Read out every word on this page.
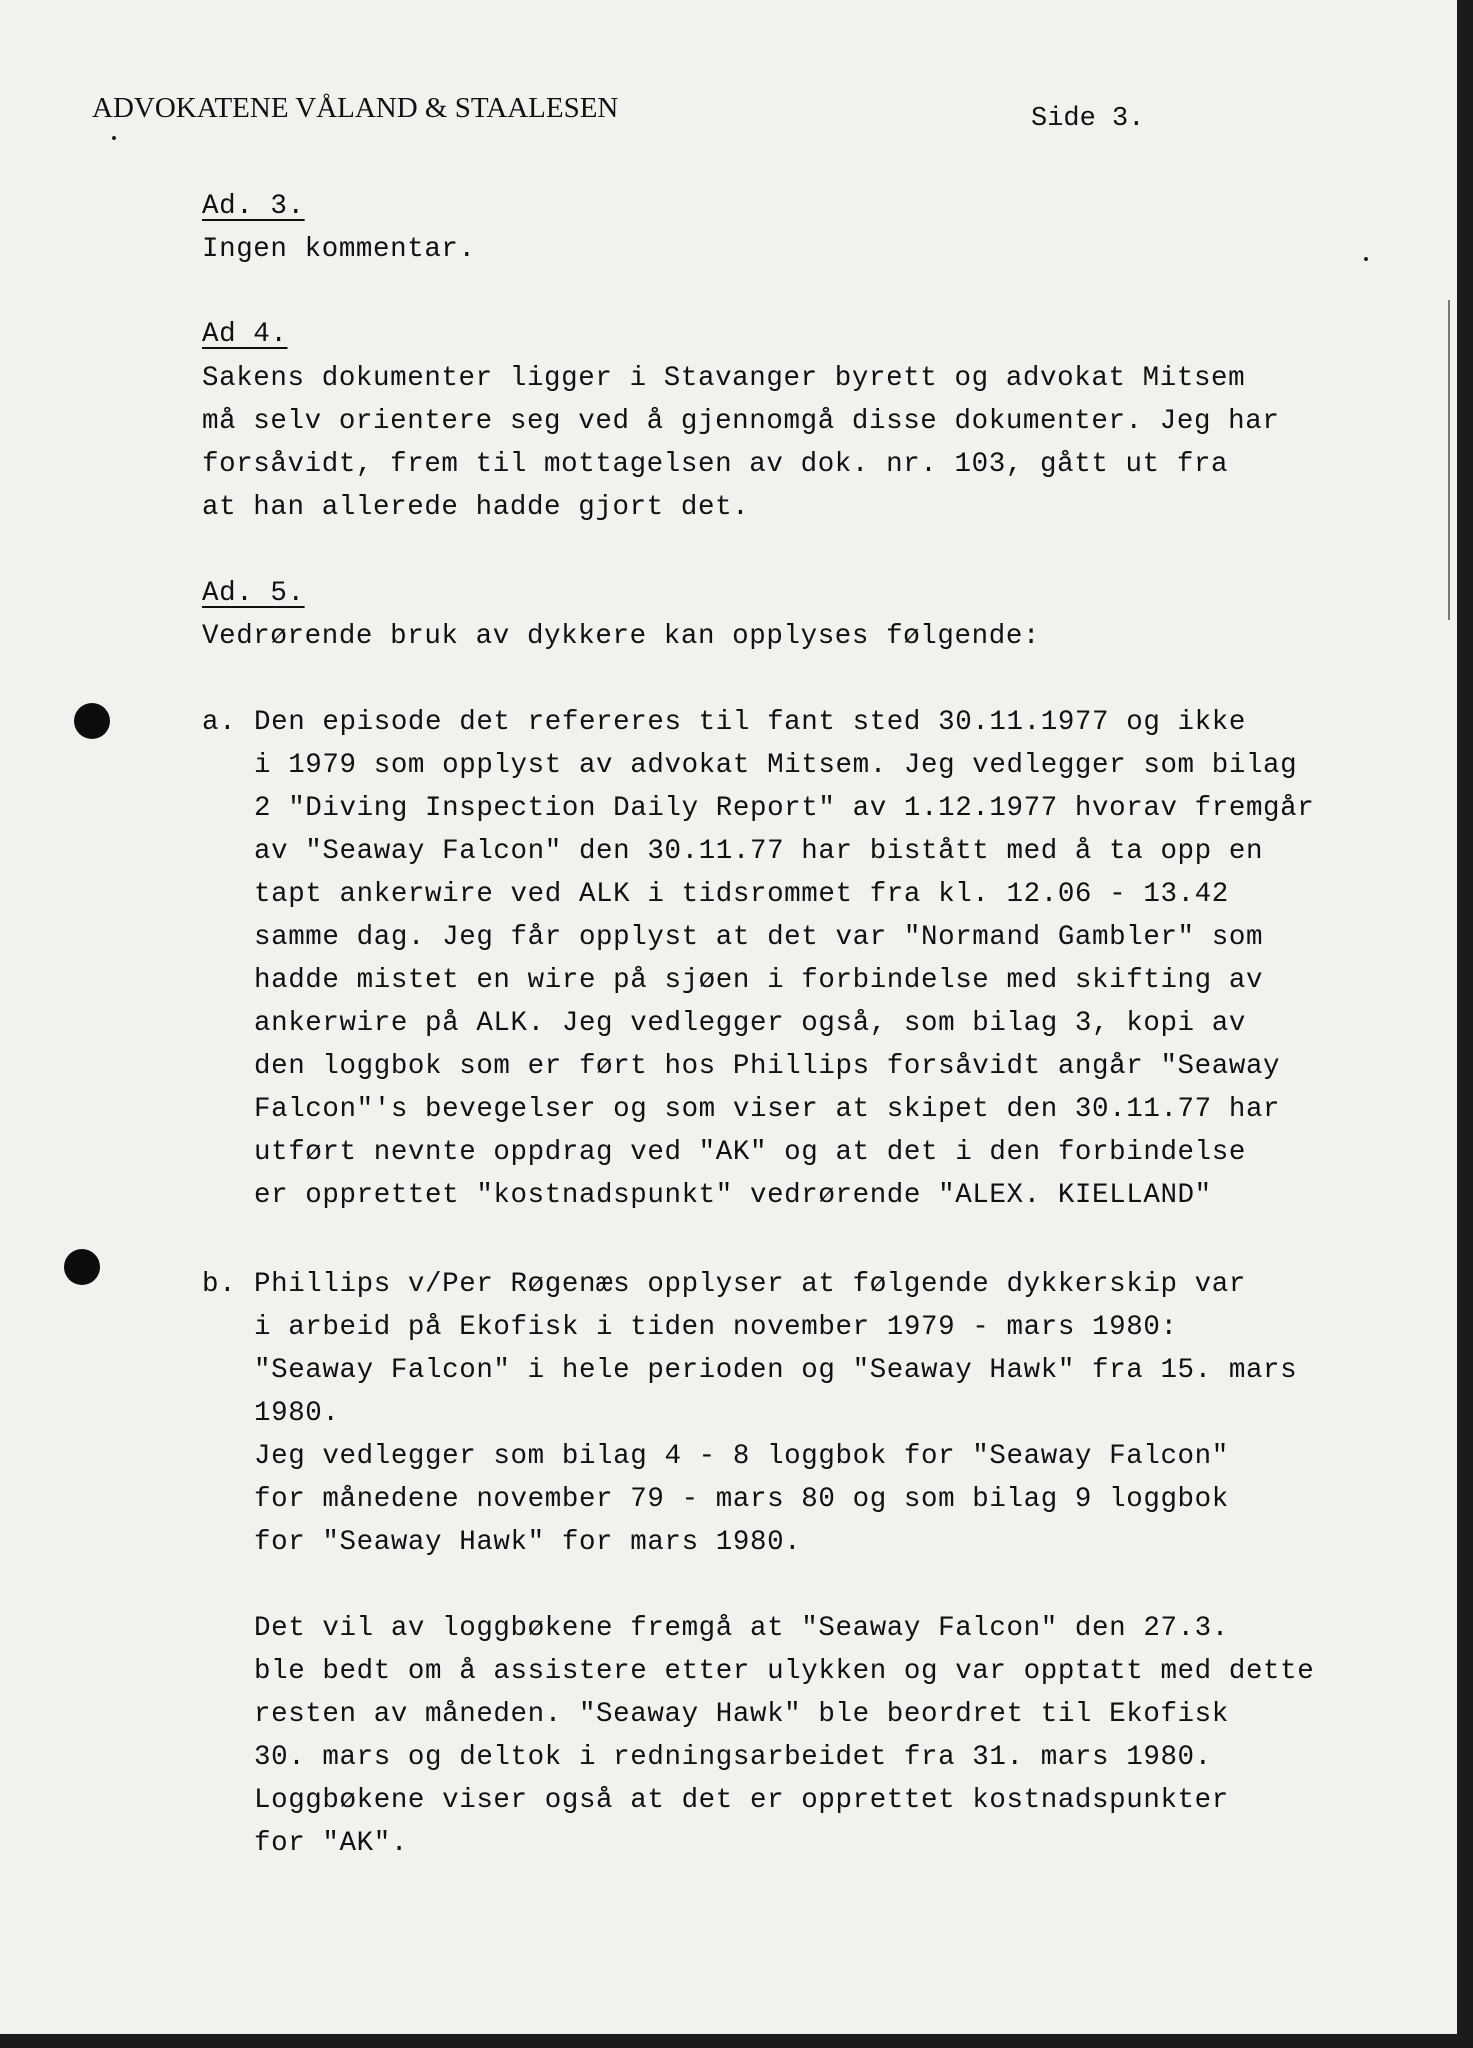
ADVOKATENE VÅLAND & STAALESEN	Side 3.
Ad. 3.
Ingen kommentar.
Ad 4.
Sakens dokumenter ligger i Stavanger byrett og advokat Mitsem
må selv orientere seg ved å gjennomgå disse dokumenter. Jeg har
forsåvidt, frem til mottagelsen av dok. nr. 103, gått ut fra
at han allerede hadde gjort det.
Ad. 5.
Vedrørende bruk av dykkere kan opplyses følgende:
a. Den episode det refereres til fant sted 30.11.1977 og ikke
i 1979 som opplyst av advokat Mitsem. Jeg vedlegger som bilag
2 "Diving Inspection Daily Report" av 1.12.1977 hvorav fremgår
av "Seaway Falcon" den 30.11.77 har bistått med å ta opp en
tapt ankerwire ved ALK i tidsrommet fra kl. 12.06 - 13.42
samme dag. Jeg får opplyst at det var "Normand Gambler" som
hadde mistet en wire på sjøen i forbindelse med skifting av
ankerwire på ALK. Jeg vedlegger også, som bilag 3, kopi av
den loggbok som er ført hos Phillips forsåvidt angår "Seaway
Falcon"'s bevegelser og som viser at skipet den 30.11.77 har
utført nevnte oppdrag ved "AK" og at det i den forbindelse
er opprettet "kostnadspunkt" vedrørende "ALEX. KIELLAND"
b. Phillips v/Per Røgenæs opplyser at følgende dykkerskip var
i arbeid på Ekofisk i tiden november 1979 - mars 1980:
"Seaway Falcon" i hele perioden og "Seaway Hawk" fra 15. mars
1980.
Jeg vedlegger som bilag 4 - 8 loggbok for "Seaway Falcon"
for månedene november 79 - mars 80 og som bilag 9 loggbok
for "Seaway Hawk" for mars 1980.
Det vil av loggbøkene fremgå at "Seaway Falcon" den 27.3.
ble bedt om å assistere etter ulykken og var opptatt med dette
resten av måneden. "Seaway Hawk" ble beordret til Ekofisk
30. mars og deltok i redningsarbeidet fra 31. mars 1980.
Loggbøkene viser også at det er opprettet kostnadspunkter
for "AK".
